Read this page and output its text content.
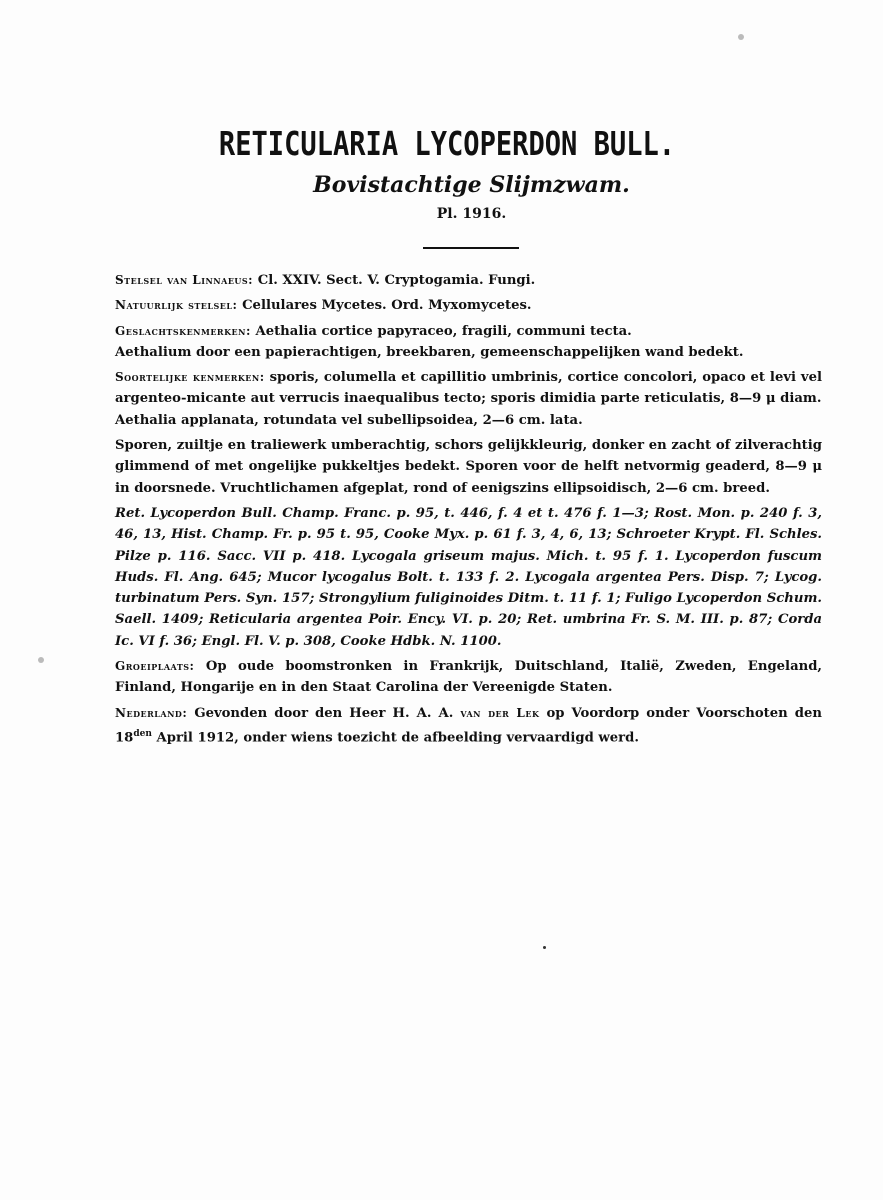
RETICULARIA LYCOPERDON BULL.
Bovistachtige Slijmzwam.
Pl. 1916.

Stelsel van Linnaeus: Cl. XXIV. Sect. V. Cryptogamia. Fungi.

Natuurlijk stelsel: Cellulares Mycetes. Ord. Myxomycetes.

Geslachtskenmerken: Aethalia cortice papyraceo, fragili, communi tecta.

Aethalium door een papierachtigen, breekbaren, gemeenschappelijken wand bedekt.

Soortelijke kenmerken: sporis, columella et capillitio umbrinis, cortice concolori, opaco et levi vel argenteo-micante aut verrucis inaequalibus tecto; sporis dimidia parte reticulatis, 8—9 μ diam.

Aethalia applanata, rotundata vel subellipsoidea, 2—6 cm. lata.

Sporen, zuiltje en traliewerk umberachtig, schors gelijkkleurig, donker en zacht of zilverachtig glimmend of met ongelijke pukkeltjes bedekt. Sporen voor de helft netvormig geaderd, 8—9 μ in doorsnede. Vruchtlichamen afgeplat, rond of eenigszins ellipsoidisch, 2—6 cm. breed.

Ret. Lycoperdon Bull. Champ. Franc. p. 95, t. 446, f. 4 et t. 476 f. 1—3; Rost. Mon. p. 240 f. 3, 46, 13, Hist. Champ. Fr. p. 95 t. 95, Cooke Myx. p. 61 f. 3, 4, 6, 13; Schroeter Krypt. Fl. Schles. Pilze p. 116. Sacc. VII p. 418. Lycogala griseum majus. Mich. t. 95 f. 1. Lycoperdon fuscum Huds. Fl. Ang. 645; Mucor lycogalus Bolt. t. 133 f. 2. Lycogala argentea Pers. Disp. 7; Lycog. turbinatum Pers. Syn. 157; Strongylium fuliginoides Ditm. t. 11 f. 1; Fuligo Lycoperdon Schum. Saell. 1409; Reticularia argentea Poir. Ency. VI. p. 20; Ret. umbrina Fr. S. M. III. p. 87; Corda Ic. VI f. 36; Engl. Fl. V. p. 308, Cooke Hdbk. N. 1100.

Groeiplaats: Op oude boomstronken in Frankrijk, Duitschland, Italië, Zweden, Engeland, Finland, Hongarije en in den Staat Carolina der Vereenigde Staten.

Nederland: Gevonden door den Heer H. A. A. van der Lek op Voordorp onder Voorschoten den $18^{den}$ April 1912, onder wiens toezicht de afbeelding vervaardigd werd.
